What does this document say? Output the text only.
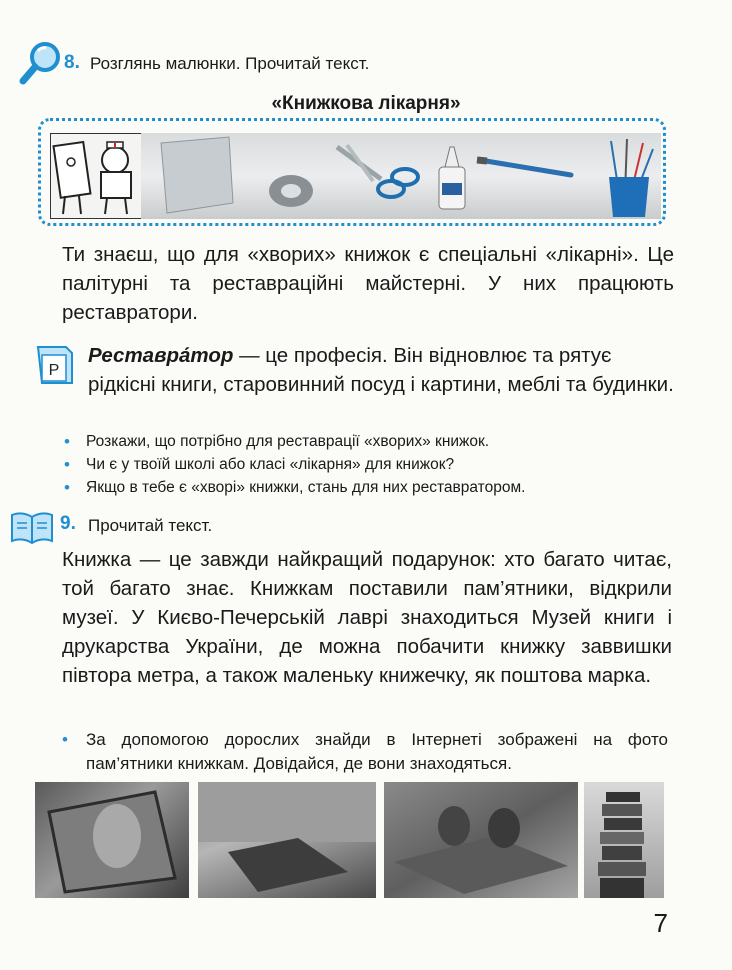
8. Розглянь малюнки. Прочитай текст.
«Книжкова лікарня»
Ти знаєш, що для «хворих» книжок є спеціальні «лікарні». Це палітурні та реставраційні майстерні. У них працюють реставратори.
Р
Реставра́тор — це професія. Він відновлює та рятує рідкісні книги, старовинний посуд і картини, меблі та будинки.
• Розкажи, що потрібно для реставрації «хворих» книжок.
• Чи є у твоїй школі або класі «лікарня» для книжок?
• Якщо в тебе є «хворі» книжки, стань для них реставратором.
9. Прочитай текст.
Книжка — це завжди найкращий подарунок: хто багато читає, той багато знає. Книжкам поставили пам’ятники, відкрили музеї. У Києво-Печерській лаврі знаходиться Музей книги і друкарства України, де можна побачити книжку заввишки півтора метра, а також маленьку книжечку, як поштова марка.
•	За допомогою дорослих знайди в Інтернеті зображені на фото пам’ятники книжкам. Довідайся, де вони знаходяться.
7
